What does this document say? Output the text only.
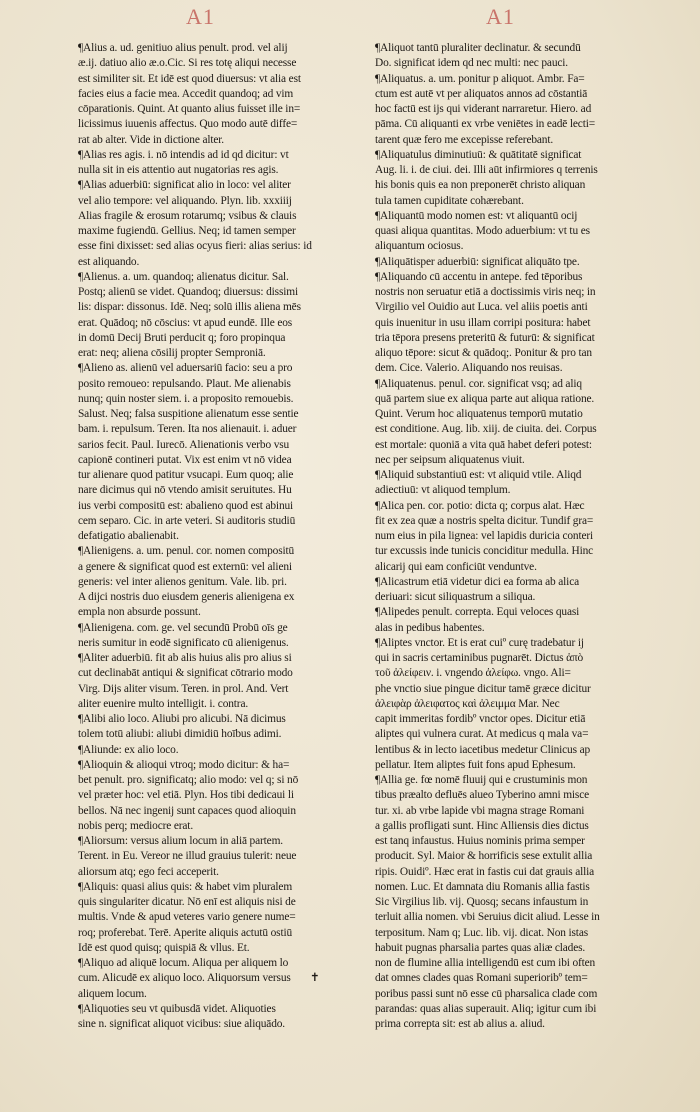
A1	A1
¶Alius a. ud. genitiuo alius penult. prod. vel alij
æ.ij. datiuo alio æ.o.Cic. Si res totę aliqui necesse
est similiter sit. Et idē est quod diuersus: vt alia est
facies eius a facie mea. Accedit quandoq; ad vim
cōparationis. Quint. At quanto alius fuisset ille in=
licissimus iuuenis affectus. Quo modo autē diffe=
rat ab alter. Vide in dictione alter.
¶Alias res agis. i. nō intendis ad id qd dicitur: vt
nulla sit in eis attentio aut nugatorias res agis.
¶Alias aduerbiū: significat alio in loco: vel aliter
vel alio tempore: vel aliquando. Plyn. lib. xxxiiij
Alias fragile & erosum rotarumq; vsibus & clauis
maxime fugiendū. Gellius. Neq; id tamen semper
esse fini dixisset: sed alias ocyus fieri: alias serius: id
est aliquando.
¶Alienus. a. um. quandoq; alienatus dicitur. Sal.
Postq; alienū se videt. Quandoq; diuersus: dissimi
lis: dispar: dissonus. Idē. Neq; solū illis aliena mēs
erat. Quādoq; nō cōscius: vt apud eundē. Ille eos
in domū Decij Bruti perducit q; foro propinqua
erat: neq; aliena cōsilij propter Semproniā.
¶Alieno as. alienū vel aduersariū facio: seu a pro
posito remoueo: repulsando. Plaut. Me alienabis
nunq; quin noster siem. i. a proposito remouebis.
Salust. Neq; falsa suspitione alienatum esse sentie
bam. i. repulsum. Teren. Ita nos alienauit. i. aduer
sarios fecit. Paul. Iurecō. Alienationis verbo vsu
capionē contineri putat. Vix est enim vt nō videa
tur alienare quod patitur vsucapi. Eum quoq; alie
nare dicimus qui nō vtendo amisit seruitutes. Hu
ius verbi compositū est: abalieno quod est abinui
cem separo. Cic. in arte veteri. Si auditoris studiū
defatigatio abalienabit.
¶Alienigens. a. um. penul. cor. nomen compositū
a genere & significat quod est externū: vel alieni
generis: vel inter alienos genitum. Vale. lib. pri.
A dijci nostris duo eiusdem generis alienigena ex
empla non absurde possunt.
¶Alienigena. com. ge. vel secundū Probū oīs ge
neris sumitur in eodē significato cū alienigenus.
¶Aliter aduerbiū. fit ab alis huius alis pro alius si
cut declinabāt antiqui & significat cōtrario modo
Virg. Dijs aliter visum. Teren. in prol. And. Vert
aliter euenire multo intelligit. i. contra.
¶Alibi alio loco. Aliubi pro alicubi. Nā dicimus
tolem totū aliubi: aliubi dimidiū hoībus adimi.
¶Aliunde: ex alio loco.
¶Alioquin & alioqui vtroq; modo dicitur: & ha=
bet penult. pro. significatq; alio modo: vel q; si nō
vel præter hoc: vel etiā. Plyn. Hos tibi dedicaui li
bellos. Nā nec ingenij sunt capaces quod alioquin
nobis perq; mediocre erat.
¶Aliorsum: versus alium locum in aliā partem.
Terent. in Eu. Vereor ne illud grauius tulerit: neue
aliorsum atq; ego feci acceperit.
¶Aliquis: quasi alius quis: & habet vim pluralem
quis singulariter dicatur. Nō enī est aliquis nisi de
multis. Vnde & apud veteres vario genere nume=
roq; proferebat. Terē. Aperite aliquis actutū ostiū
Idē est quod quisq; quispiā & vllus. Et.
¶Aliquo ad aliquē locum. Aliqua per aliquem lo
cum. Alicudē ex aliquo loco. Aliquorsum versus
aliquem locum.
¶Aliquoties seu vt quibusdā videt. Aliquoties
sine n. significat aliquot vicibus: siue aliquādo.
¶Aliquot tantū pluraliter declinatur. & secundū
Do. significat idem qd nec multi: nec pauci.
¶Aliquatus. a. um. ponitur p aliquot. Ambr. Fa=
ctum est autē vt per aliquatos annos ad cōstantiā
hoc factū est ijs qui viderant narraretur. Hiero. ad
pāma. Cū aliquanti ex vrbe veniētes in eadē lecti=
tarent quæ fero me excepisse referebant.
¶Aliquatulus diminutiuū: & quātitatē significat
Aug. li. i. de ciui. dei. Illi aūt infirmiores q terrenis
his bonis quis ea non preponerēt christo aliquan
tula tamen cupiditate cohærebant.
¶Aliquantū modo nomen est: vt aliquantū ocij
quasi aliqua quantitas. Modo aduerbium: vt tu es
aliquantum ociosus.
¶Aliquātisper aduerbiū: significat aliquāto tpe.
¶Aliquando cū accentu in antepe. fed tēporibus
nostris non seruatur etiā a doctissimis viris neq; in
Virgilio vel Ouidio aut Luca. vel aliis poetis anti
quis inuenitur in usu illam corripi positura: habet
tria tēpora presens preteritū & futurū: & significat
aliquo tēpore: sicut & quādoq;. Ponitur & pro tan
dem. Cice. Valerio. Aliquando nos reuisas.
¶Aliquatenus. penul. cor. significat vsq; ad aliq
quā partem siue ex aliqua parte aut aliqua ratione.
Quint. Verum hoc aliquatenus temporū mutatio
est conditione. Aug. lib. xiij. de ciuita. dei. Corpus
est mortale: quoniā a vita quā habet deferi potest:
nec per seipsum aliquatenus viuit.
¶Aliquid substantiuū est: vt aliquid vtile. Aliqd
adiectiuū: vt aliquod templum.
¶Alica pen. cor. potio: dicta q; corpus alat. Hæc
fit ex zea quæ a nostris spelta dicitur. Tundif gra=
num eius in pila lignea: vel lapidis duricia conteri
tur excussis inde tunicis conciditur medulla. Hinc
alicarij qui eam conficiūt venduntve.
¶Alicastrum etiā videtur dici ea forma ab alica
deriuari: sicut siliquastrum a siliqua.
¶Alipedes penult. correpta. Equi veloces quasi
alas in pedibus habentes.
¶Aliptes vnctor. Et is erat cuiº curę tradebatur ij
qui in sacris certaminibus pugnarēt. Dictus ἀπὸ
τοῦ ἀλείφειν. i. vngendo ἀλείφω. vngo. Ali=
phe vnctio siue pingue dicitur tamē græce dicitur
ἀλειφὰρ ἀλειφατος καὶ ἀλειμμα Mar. Nec
capit immeritas fordibº vnctor opes. Dicitur etiā
aliptes qui vulnera curat. At medicus q mala va=
lentibus & in lecto iacetibus medetur Clinicus ap
pellatur. Item aliptes fuit fons apud Ephesum.
¶Allia ge. fœ nomē fluuij qui e crustuminis mon
tibus præalto defluēs alueo Tyberino amni misce
tur. xi. ab vrbe lapide vbi magna strage Romani
a gallis profligati sunt. Hinc Alliensis dies dictus
est tanq infaustus. Huius nominis prima semper
producit. Syl. Maior & horrificis sese extulit allia
ripis. Ouidiº. Hæc erat in fastis cui dat grauis allia
nomen. Luc. Et damnata diu Romanis allia fastis
Sic Virgilius lib. vij. Quosq; secans infaustum in
terluit allia nomen. vbi Seruius dicit aliud. Lesse in
terpositum. Nam q; Luc. lib. vij. dicat. Non istas
habuit pugnas pharsalia partes quas aliæ clades.
non de flumine allia intelligendū est cum ibi often
dat omnes clades quas Romani superioribº tem=
poribus passi sunt nō esse cū pharsalica clade com
parandas: quas alias superauit. Aliq; igitur cum ibi
prima correpta sit: est ab alius a. aliud.
✝
